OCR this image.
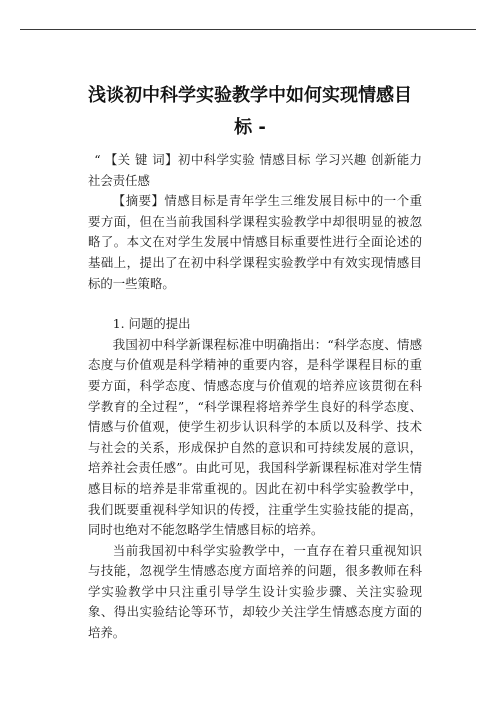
浅谈初中科学实验教学中如何实现情感目
标 -

“ 【关 键 词】初中科学实验 情感目标 学习兴趣 创新能力 社会责任感

【摘要】情感目标是青年学生三维发展目标中的一个重要方面，但在当前我国科学课程实验教学中却很明显的被忽略了。本文在对学生发展中情感目标重要性进行全面论述的基础上，提出了在初中科学课程实验教学中有效实现情感目标的一些策略。

1. 问题的提出

我国初中科学新课程标准中明确指出：“科学态度、情感态度与价值观是科学精神的重要内容，是科学课程目标的重要方面，科学态度、情感态度与价值观的培养应该贯彻在科学教育的全过程”，“科学课程将培养学生良好的科学态度、情感与价值观，使学生初步认识科学的本质以及科学、技术与社会的关系，形成保护自然的意识和可持续发展的意识，培养社会责任感”。由此可见，我国科学新课程标准对学生情感目标的培养是非常重视的。因此在初中科学实验教学中，我们既要重视科学知识的传授，注重学生实验技能的提高，同时也绝对不能忽略学生情感目标的培养。

当前我国初中科学实验教学中，一直存在着只重视知识与技能，忽视学生情感态度方面培养的问题，很多教师在科学实验教学中只注重引导学生设计实验步骤、关注实验现象、得出实验结论等环节，却较少关注学生情感态度方面的培养。
